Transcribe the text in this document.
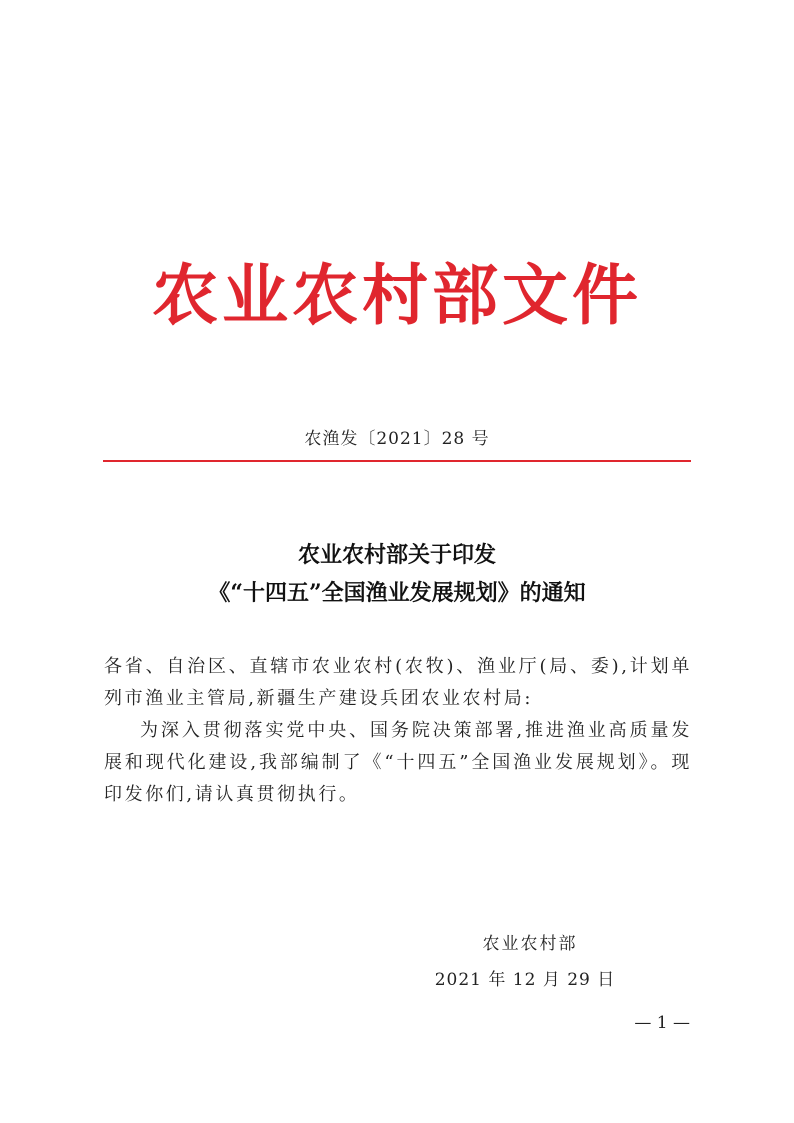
农业农村部文件
农渔发〔2021〕28 号
农业农村部关于印发
《“十四五”全国渔业发展规划》的通知

各省、自治区、直辖市农业农村(农牧)、渔业厅(局、委),计划单列市渔业主管局,新疆生产建设兵团农业农村局:

为深入贯彻落实党中央、国务院决策部署,推进渔业高质量发展和现代化建设,我部编制了《“十四五”全国渔业发展规划》。现印发你们,请认真贯彻执行。

农业农村部
2021 年 12 月 29 日
— 1 —
